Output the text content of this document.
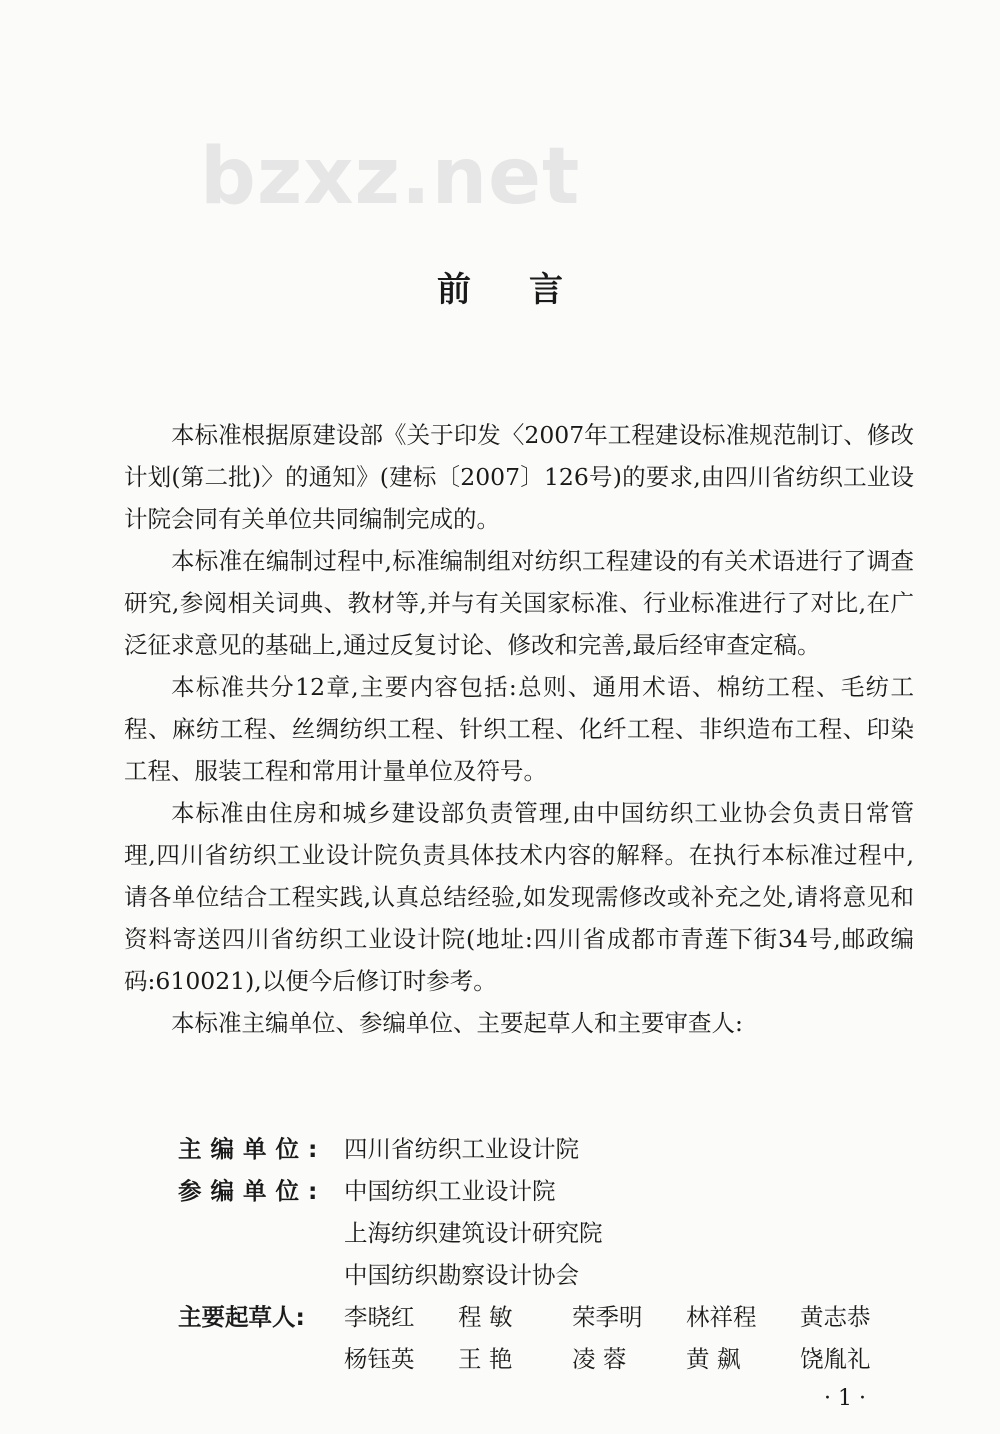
bzxz.net
前言

本标准根据原建设部《关于印发〈2007年工程建设标准规范制订、修改计划(第二批)〉的通知》(建标〔2007〕126号)的要求,由四川省纺织工业设计院会同有关单位共同编制完成的。

本标准在编制过程中,标准编制组对纺织工程建设的有关术语进行了调查研究,参阅相关词典、教材等,并与有关国家标准、行业标准进行了对比,在广泛征求意见的基础上,通过反复讨论、修改和完善,最后经审查定稿。

本标准共分12章,主要内容包括:总则、通用术语、棉纺工程、毛纺工程、麻纺工程、丝绸纺织工程、针织工程、化纤工程、非织造布工程、印染工程、服装工程和常用计量单位及符号。

本标准由住房和城乡建设部负责管理,由中国纺织工业协会负责日常管理,四川省纺织工业设计院负责具体技术内容的解释。在执行本标准过程中,请各单位结合工程实践,认真总结经验,如发现需修改或补充之处,请将意见和资料寄送四川省纺织工业设计院(地址:四川省成都市青莲下街34号,邮政编码:610021),以便今后修订时参考。

本标准主编单位、参编单位、主要起草人和主要审查人:

主编单位: 四川省纺织工业设计院
参编单位: 中国纺织工业设计院
上海纺织建筑设计研究院
中国纺织勘察设计协会
主要起草人:	李晓红	程 敏	荣季明	林祥程	黄志恭
杨钰英	王 艳	凌 蓉	黄 飙	饶胤礼
· 1 ·
